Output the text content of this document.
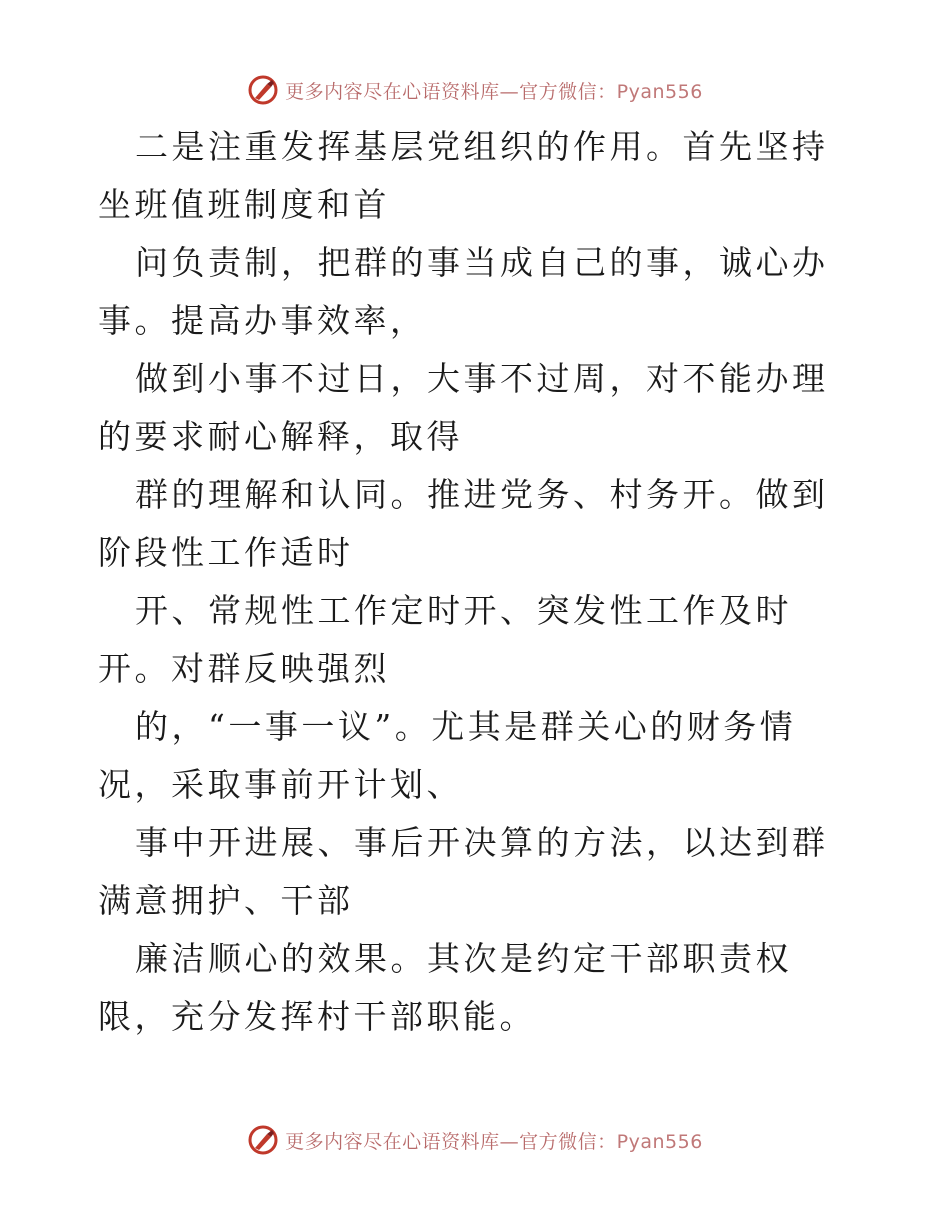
更多内容尽在心语资料库—官方微信：Pyan556

二是注重发挥基层党组织的作用。首先坚持坐班值班制度和首

问负责制，把群的事当成自己的事，诚心办事。提高办事效率，

做到小事不过日，大事不过周，对不能办理的要求耐心解释，取得

群的理解和认同。推进党务、村务开。做到阶段性工作适时

开、常规性工作定时开、突发性工作及时开。对群反映强烈

的，“一事一议”。尤其是群关心的财务情况，采取事前开计划、

事中开进展、事后开决算的方法，以达到群满意拥护、干部

廉洁顺心的效果。其次是约定干部职责权限，充分发挥村干部职能。

更多内容尽在心语资料库—官方微信：Pyan556
